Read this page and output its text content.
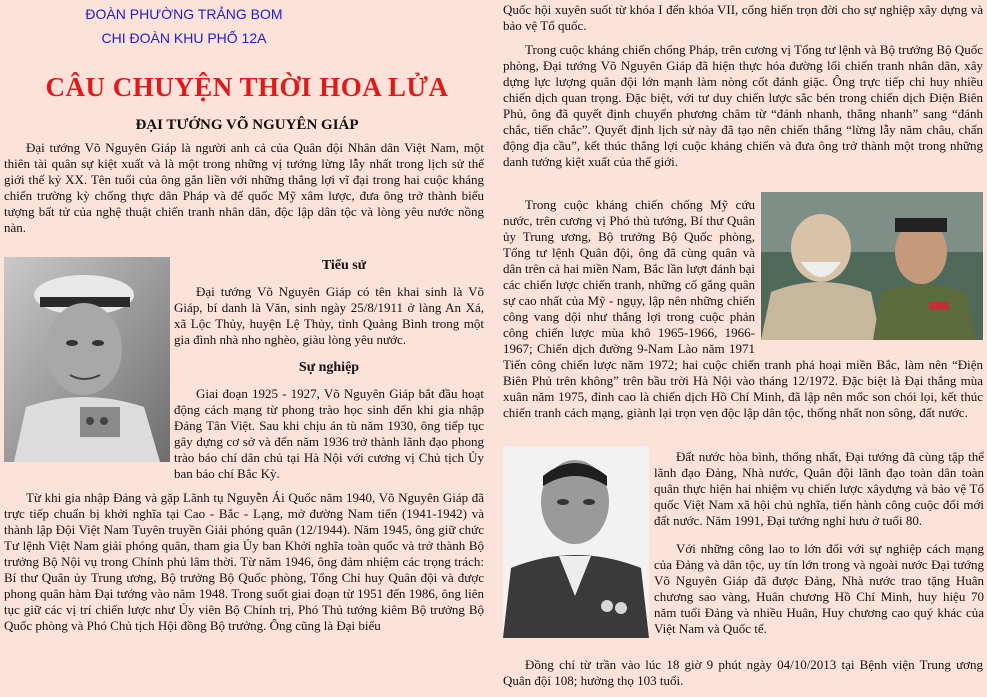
ĐOÀN PHƯỜNG TRẢNG BOM
CHI ĐOÀN KHU PHỐ 12A
CÂU CHUYỆN THỜI HOA LỬA
ĐẠI TƯỚNG VÕ NGUYÊN GIÁP

Đại tướng Võ Nguyên Giáp là người anh cả của Quân đội Nhân dân Việt Nam, một thiên tài quân sự kiệt xuất và là một trong những vị tướng lừng lẫy nhất trong lịch sử thế giới thế kỷ XX. Tên tuổi của ông gắn liền với những thắng lợi vĩ đại trong hai cuộc kháng chiến trường kỳ chống thực dân Pháp và đế quốc Mỹ xâm lược, đưa ông trở thành biểu tượng bất tử của nghệ thuật chiến tranh nhân dân, độc lập dân tộc và lòng yêu nước nồng nàn.

Tiểu sử

Đại tướng Võ Nguyên Giáp có tên khai sinh là Võ Giáp, bí danh là Văn, sinh ngày 25/8/1911 ở làng An Xá, xã Lộc Thủy, huyện Lệ Thủy, tỉnh Quảng Bình trong một gia đình nhà nho nghèo, giàu lòng yêu nước.

Sự nghiệp

Giai đoạn 1925 - 1927, Võ Nguyên Giáp bắt đầu hoạt động cách mạng từ phong trào học sinh đến khi gia nhập Đảng Tân Việt. Sau khi chịu án tù năm 1930, ông tiếp tục gây dựng cơ sở và đến năm 1936 trở thành lãnh đạo phong trào báo chí dân chủ tại Hà Nội với cương vị Chủ tịch Ủy ban báo chí Bắc Kỳ.

Từ khi gia nhập Đảng và gặp Lãnh tụ Nguyễn Ái Quốc năm 1940, Võ Nguyên Giáp đã trực tiếp chuẩn bị khởi nghĩa tại Cao - Bắc - Lạng, mở đường Nam tiến (1941-1942) và thành lập Đội Việt Nam Tuyên truyền Giải phóng quân (12/1944). Năm 1945, ông giữ chức Tư lệnh Việt Nam giải phóng quân, tham gia Ủy ban Khởi nghĩa toàn quốc và trở thành Bộ trưởng Bộ Nội vụ trong Chính phủ lâm thời. Từ năm 1946, ông đảm nhiệm các trọng trách: Bí thư Quân ủy Trung ương, Bộ trưởng Bộ Quốc phòng, Tổng Chỉ huy Quân đội và được phong quân hàm Đại tướng vào năm 1948. Trong suốt giai đoạn từ 1951 đến 1986, ông liên tục giữ các vị trí chiến lược như Ủy viên Bộ Chính trị, Phó Thủ tướng kiêm Bộ trưởng Bộ Quốc phòng và Phó Chủ tịch Hội đồng Bộ trưởng. Ông cũng là Đại biểu

Quốc hội xuyên suốt từ khóa I đến khóa VII, cống hiến trọn đời cho sự nghiệp xây dựng và bảo vệ Tổ quốc.

Trong cuộc kháng chiến chống Pháp, trên cương vị Tổng tư lệnh và Bộ trưởng Bộ Quốc phòng, Đại tướng Võ Nguyên Giáp đã hiện thực hóa đường lối chiến tranh nhân dân, xây dựng lực lượng quân đội lớn mạnh làm nòng cốt đánh giặc. Ông trực tiếp chỉ huy nhiều chiến dịch quan trọng. Đặc biệt, với tư duy chiến lược sắc bén trong chiến dịch Điện Biên Phủ, ông đã quyết định chuyển phương châm từ “đánh nhanh, thắng nhanh” sang “đánh chắc, tiến chắc”. Quyết định lịch sử này đã tạo nên chiến thắng “lừng lẫy năm châu, chấn động địa cầu”, kết thúc thắng lợi cuộc kháng chiến và đưa ông trở thành một trong những danh tướng kiệt xuất của thế giới.

Trong cuộc kháng chiến chống Mỹ cứu nước, trên cương vị Phó thủ tướng, Bí thư Quân ủy Trung ương, Bộ trưởng Bộ Quốc phòng, Tổng tư lệnh Quân đội, ông đã cùng quân và dân trên cả hai miền Nam, Bắc lần lượt đánh bại các chiến lược chiến tranh, những cố gắng quân sự cao nhất của Mỹ - ngụy, lập nên những chiến công vang dội như thắng lợi trong cuộc phản công chiến lược mùa khô 1965-1966, 1966-1967; Chiến dịch đường 9-Nam Lào năm 1971 Tiến công chiến lược năm 1972; hai cuộc chiến tranh phá hoại miền Bắc, làm nên “Điện Biên Phủ trên không” trên bầu trời Hà Nội vào tháng 12/1972. Đặc biệt là Đại thắng mùa xuân năm 1975, đỉnh cao là chiến dịch Hồ Chí Minh, đã lập nên mốc son chói lọi, kết thúc chiến tranh cách mạng, giành lại trọn vẹn độc lập dân tộc, thống nhất non sông, đất nước.

Đất nước hòa bình, thống nhất, Đại tướng đã cùng tập thể lãnh đạo Đảng, Nhà nước, Quân đội lãnh đạo toàn dân toàn quân thực hiện hai nhiệm vụ chiến lược xâydựng và bảo vệ Tổ quốc Việt Nam xã hội chủ nghĩa, tiến hành công cuộc đổi mới đất nước. Năm 1991, Đại tướng nghỉ hưu ở tuổi 80.

Với những công lao to lớn đối với sự nghiệp cách mạng của Đảng và dân tộc, uy tín lớn trong và ngoài nước Đại tướng Võ Nguyên Giáp đã được Đảng, Nhà nước trao tặng Huân chương sao vàng, Huân chương Hồ Chí Minh, huy hiệu 70 năm tuổi Đảng và nhiều Huân, Huy chương cao quý khác của Việt Nam và Quốc tế.

Đồng chí từ trần vào lúc 18 giờ 9 phút ngày 04/10/2013 tại Bệnh viện Trung ương Quân đội 108; hưởng thọ 103 tuổi.
